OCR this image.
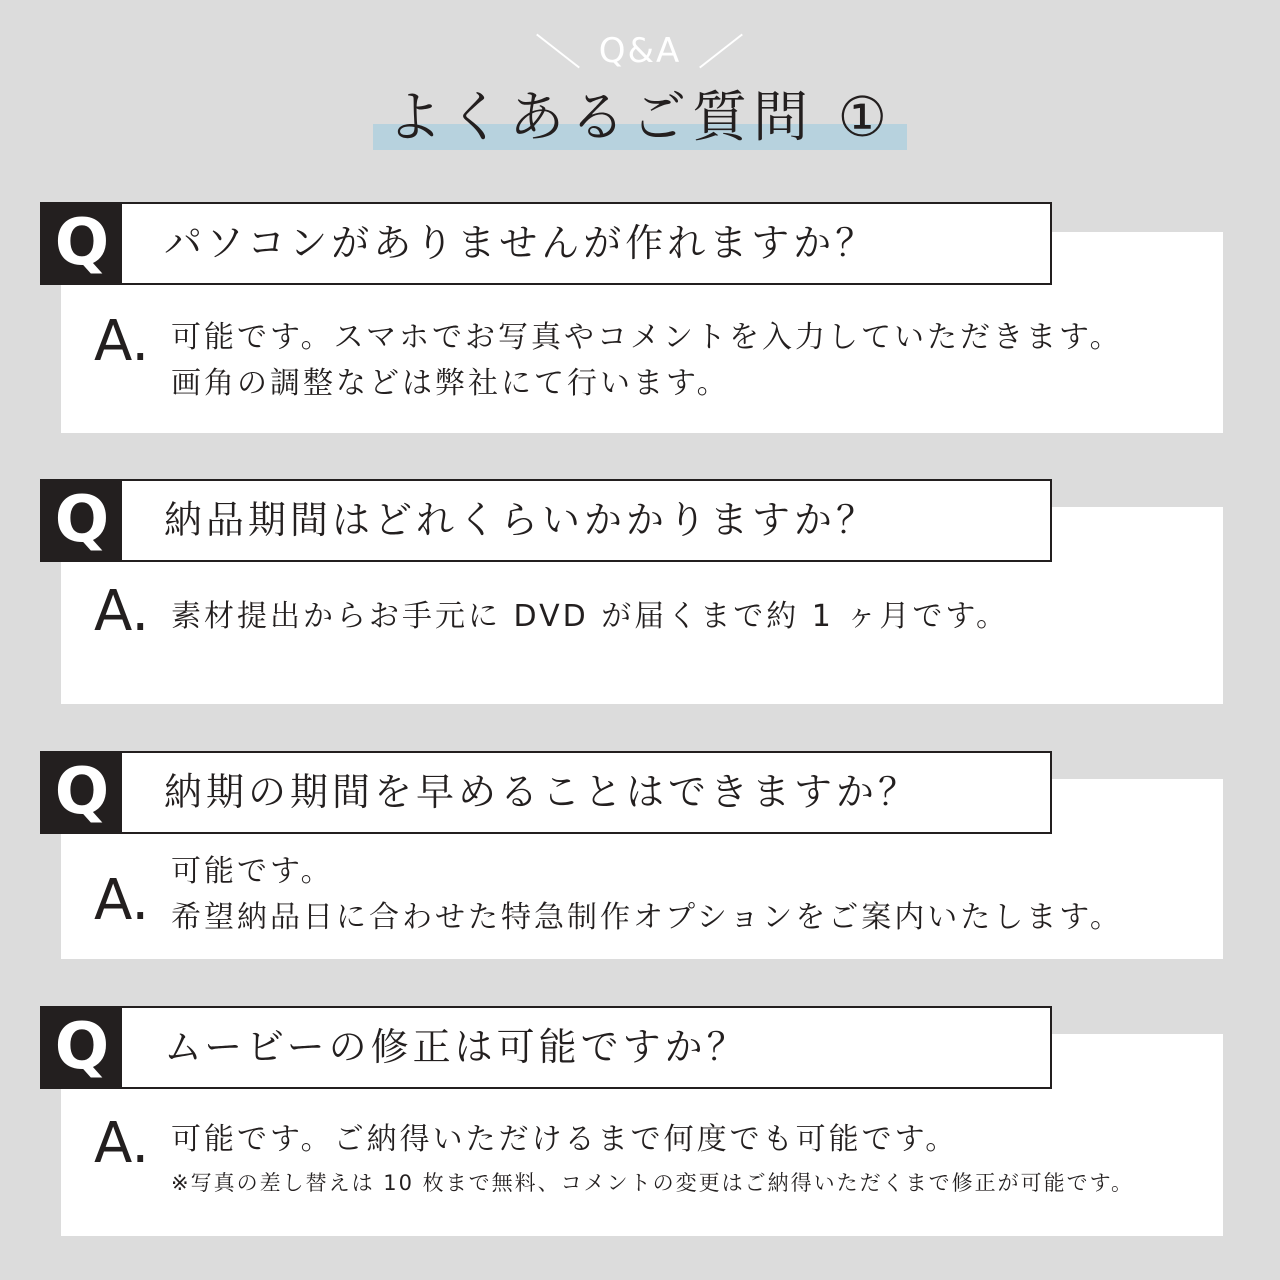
Q&A
よくあるご質問 ①
Q	パソコンがありませんが作れますか？
A. 可能です。スマホでお写真やコメントを入力していただきます。
画角の調整などは弊社にて行います。
Q	納品期間はどれくらいかかりますか？
A. 素材提出からお手元に DVD が届くまで約 1 ヶ月です。
Q	納期の期間を早めることはできますか？
A. 可能です。
希望納品日に合わせた特急制作オプションをご案内いたします。
Q	ムービーの修正は可能ですか？
A. 可能です。ご納得いただけるまで何度でも可能です。
※写真の差し替えは 10 枚まで無料、コメントの変更はご納得いただくまで修正が可能です。
